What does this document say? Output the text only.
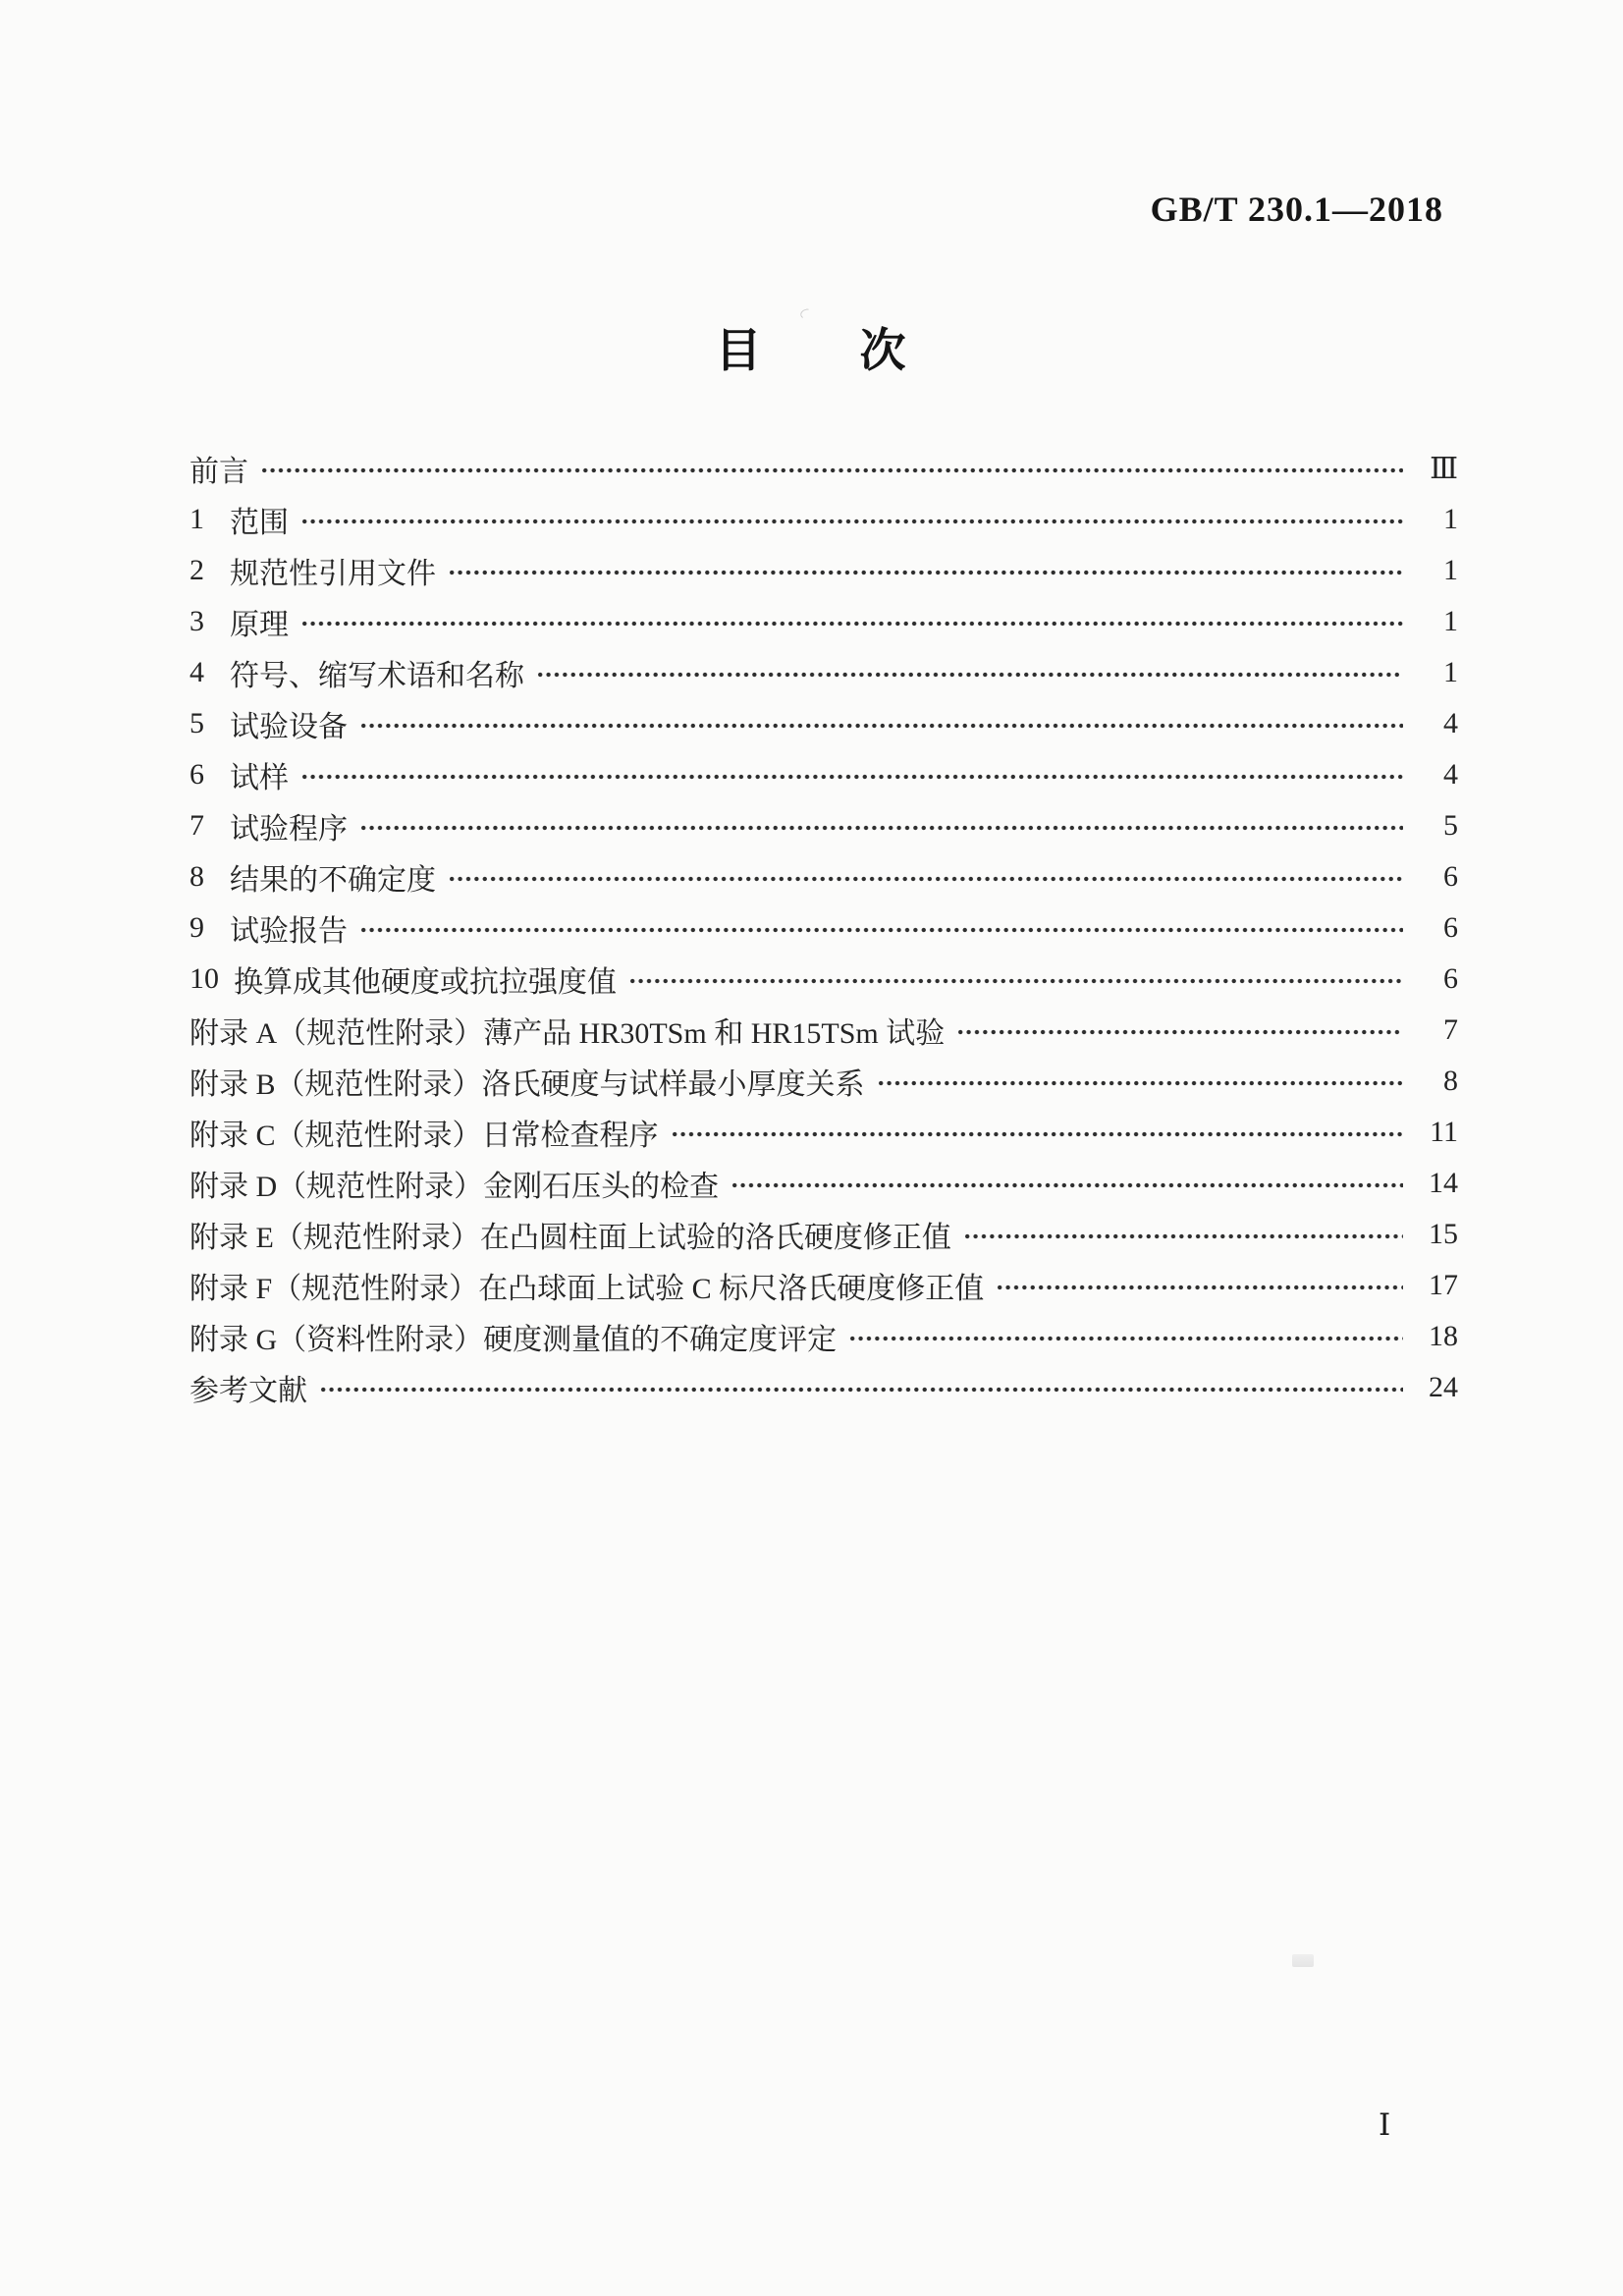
GB/T 230.1—2018
目　　次
前言	Ⅲ
1 范围	1
2 规范性引用文件	1
3 原理	1
4 符号、缩写术语和名称	1
5 试验设备	4
6 试样	4
7 试验程序	5
8 结果的不确定度	6
9 试验报告	6
10 换算成其他硬度或抗拉强度值	6
附录 A（规范性附录） 薄产品 HR30TSm 和 HR15TSm 试验	7
附录 B（规范性附录） 洛氏硬度与试样最小厚度关系	8
附录 C（规范性附录） 日常检查程序	11
附录 D（规范性附录） 金刚石压头的检查	14
附录 E（规范性附录） 在凸圆柱面上试验的洛氏硬度修正值	15
附录 F（规范性附录） 在凸球面上试验 C 标尺洛氏硬度修正值	17
附录 G（资料性附录） 硬度测量值的不确定度评定	18
参考文献	24
Ⅰ
